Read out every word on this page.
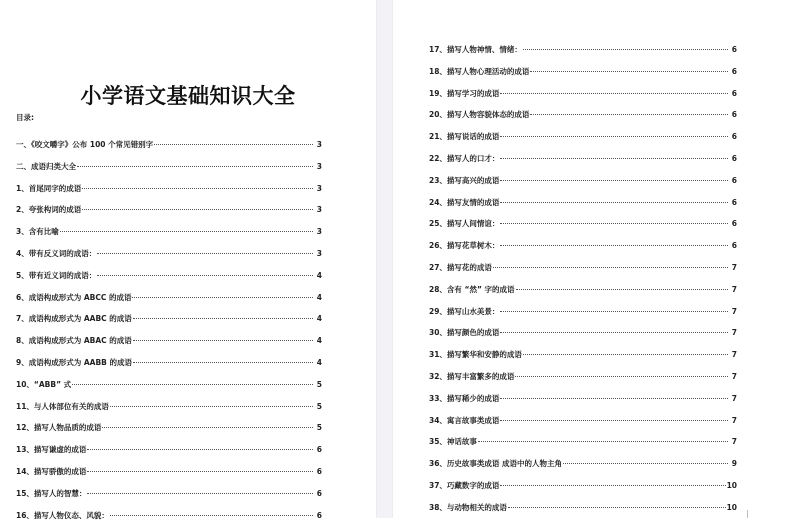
小学语文基础知识大全
目录:
一、《咬文嚼字》公布 100 个常见错别字	3
二、成语归类大全	3
1、首尾同字的成语	3
2、夸张构词的成语	3
3、含有比喻	3
4、带有反义词的成语：	3
5、带有近义词的成语：	4
6、成语构成形式为 ABCC 的成语	4
7、成语构成形式为 AABC 的成语	4
8、成语构成形式为 ABAC 的成语	4
9、成语构成形式为 AABB 的成语	4
10、“ABB” 式	5
11、与人体部位有关的成语	5
12、描写人物品质的成语	5
13、描写谦虚的成语	6
14、描写骄傲的成语	6
15、描写人的智慧：	6
16、描写人物仪态、风貌：	6
17、描写人物神情、情绪：	6
18、描写人物心理活动的成语	6
19、描写学习的成语	6
20、描写人物容貌体态的成语	6
21、描写说话的成语	6
22、描写人的口才：	6
23、描写高兴的成语	6
24、描写友情的成语	6
25、描写人间情谊：	6
26、描写花草树木：	6
27、描写花的成语	7
28、含有 “然” 字的成语	7
29、描写山水美景：	7
30、描写颜色的成语	7
31、描写繁华和安静的成语	7
32、描写丰富繁多的成语	7
33、描写稀少的成语	7
34、寓言故事类成语	7
35、神话故事	7
36、历史故事类成语 成语中的人物主角	9
37、巧藏数字的成语	10
38、与动物相关的成语	10
